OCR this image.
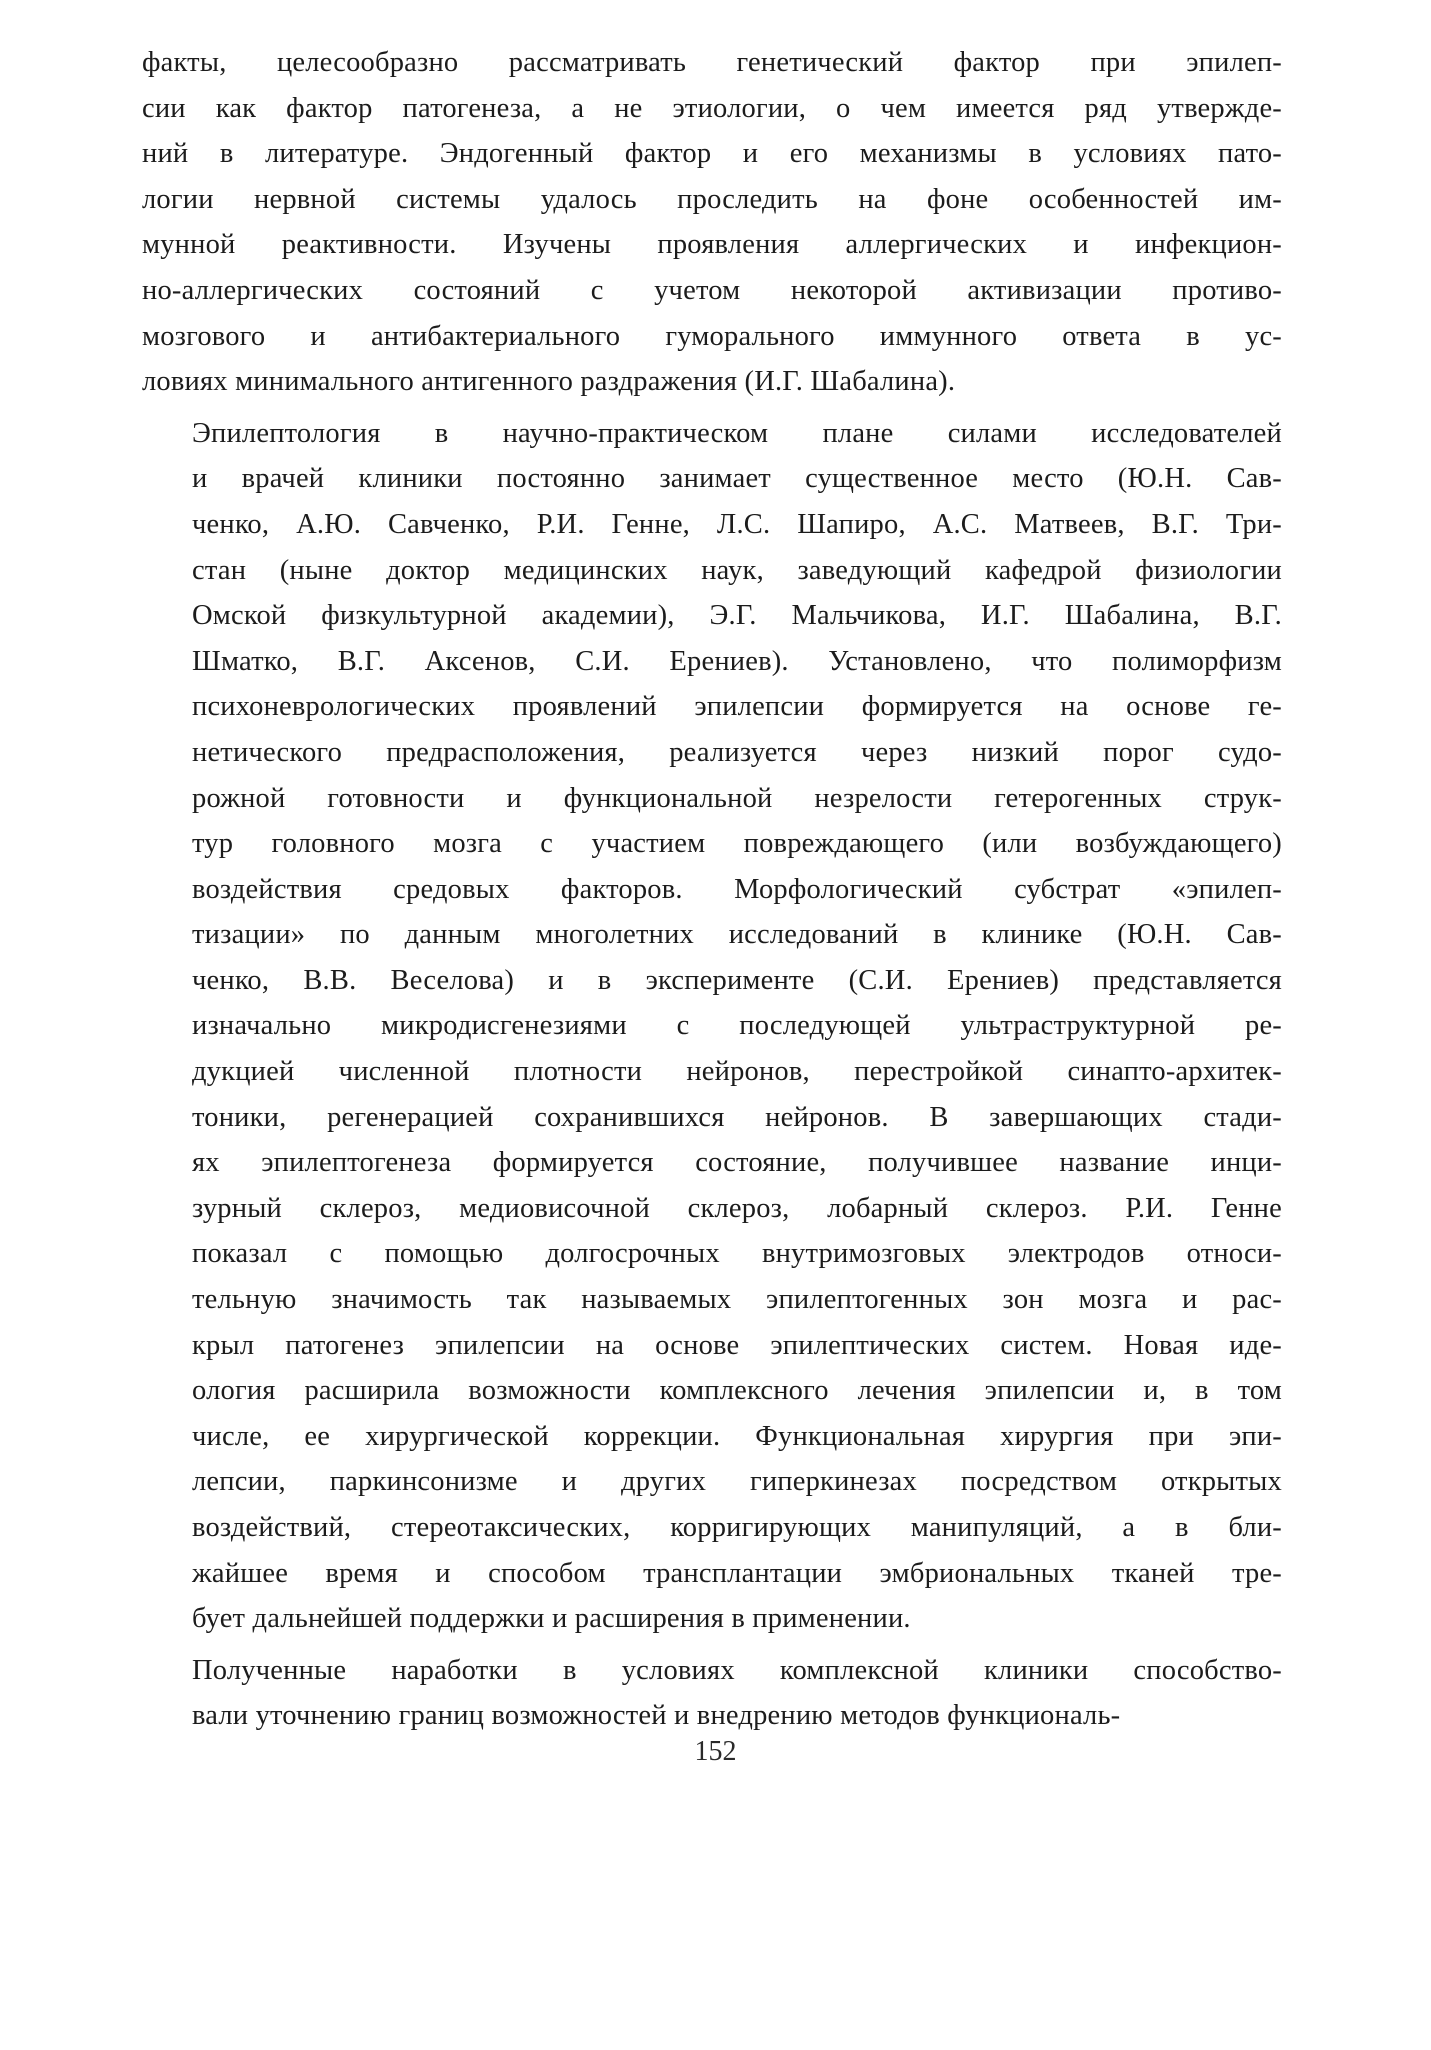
факты, целесообразно рассматривать генетический фактор при эпилеп-
сии как фактор патогенеза, а не этиологии, о чем имеется ряд утвержде-
ний в литературе. Эндогенный фактор и его механизмы в условиях пато-
логии нервной системы удалось проследить на фоне особенностей им-
мунной реактивности. Изучены проявления аллергических и инфекцион-
но-аллергических состояний с учетом некоторой активизации противо-
мозгового и антибактериального гуморального иммунного ответа в ус-
ловиях минимального антигенного раздражения (И.Г. Шабалина).

Эпилептология в научно-практическом плане силами исследователей
и врачей клиники постоянно занимает существенное место (Ю.Н. Сав-
ченко, А.Ю. Савченко, Р.И. Генне, Л.С. Шапиро, А.С. Матвеев, В.Г. Три-
стан (ныне доктор медицинских наук, заведующий кафедрой физиологии
Омской физкультурной академии), Э.Г. Мальчикова, И.Г. Шабалина, В.Г.
Шматко, В.Г. Аксенов, С.И. Ерениев). Установлено, что полиморфизм
психоневрологических проявлений эпилепсии формируется на основе ге-
нетического предрасположения, реализуется через низкий порог судо-
рожной готовности и функциональной незрелости гетерогенных струк-
тур головного мозга с участием повреждающего (или возбуждающего)
воздействия средовых факторов. Морфологический субстрат «эпилеп-
тизации» по данным многолетних исследований в клинике (Ю.Н. Сав-
ченко, В.В. Веселова) и в эксперименте (С.И. Ерениев) представляется
изначально микродисгенезиями с последующей ультраструктурной ре-
дукцией численной плотности нейронов, перестройкой синапто-архитек-
тоники, регенерацией сохранившихся нейронов. В завершающих стади-
ях эпилептогенеза формируется состояние, получившее название инци-
зурный склероз, медиовисочной склероз, лобарный склероз. Р.И. Генне
показал с помощью долгосрочных внутримозговых электродов относи-
тельную значимость так называемых эпилептогенных зон мозга и рас-
крыл патогенез эпилепсии на основе эпилептических систем. Новая иде-
ология расширила возможности комплексного лечения эпилепсии и, в том
числе, ее хирургической коррекции. Функциональная хирургия при эпи-
лепсии, паркинсонизме и других гиперкинезах посредством открытых
воздействий, стереотаксических, корригирующих манипуляций, а в бли-
жайшее время и способом трансплантации эмбриональных тканей тре-
бует дальнейшей поддержки и расширения в применении.

Полученные наработки в условиях комплексной клиники способство-
вали уточнению границ возможностей и внедрению методов функциональ-

152
